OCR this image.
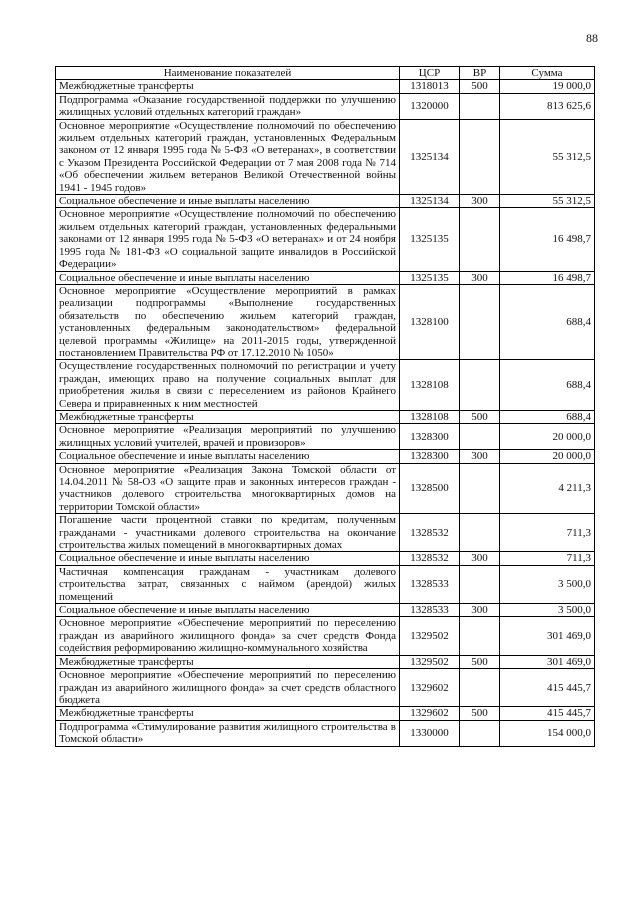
88
Наименование показателей	ЦСР	ВР	Сумма
Межбюджетные трансферты	1318013	500	19 000,0
Подпрограмма «Оказание государственной поддержки по улучшению жилищных условий отдельных категорий граждан»	1320000		813 625,6
Основное мероприятие «Осуществление полномочий по обеспечению жильем отдельных категорий граждан, установленных Федеральным законом от 12 января 1995 года № 5-ФЗ «О ветеранах», в соответствии с Указом Президента Российской Федерации от 7 мая 2008 года № 714 «Об обеспечении жильем ветеранов Великой Отечественной войны 1941 - 1945 годов»	1325134		55 312,5
Социальное обеспечение и иные выплаты населению	1325134	300	55 312,5
Основное мероприятие «Осуществление полномочий по обеспечению жильем отдельных категорий граждан, установленных федеральными законами от 12 января 1995 года № 5-ФЗ «О ветеранах» и от 24 ноября 1995 года № 181-ФЗ «О социальной защите инвалидов в Российской Федерации»	1325135		16 498,7
Социальное обеспечение и иные выплаты населению	1325135	300	16 498,7
Основное мероприятие «Осуществление мероприятий в рамках реализации подпрограммы «Выполнение государственных обязательств по обеспечению жильем категорий граждан, установленных федеральным законодательством» федеральной целевой программы «Жилище» на 2011-2015 годы, утвержденной постановлением Правительства РФ от 17.12.2010 № 1050»	1328100		688,4
Осуществление государственных полномочий по регистрации и учету граждан, имеющих право на получение социальных выплат для приобретения жилья в связи с переселением из районов Крайнего Севера и приравненных к ним местностей	1328108		688,4
Межбюджетные трансферты	1328108	500	688,4
Основное мероприятие «Реализация мероприятий по улучшению жилищных условий учителей, врачей и провизоров»	1328300		20 000,0
Социальное обеспечение и иные выплаты населению	1328300	300	20 000,0
Основное мероприятие «Реализация Закона Томской области от 14.04.2011 № 58-ОЗ «О защите прав и законных интересов граждан - участников долевого строительства многоквартирных домов на территории Томской области»	1328500		4 211,3
Погашение части процентной ставки по кредитам, полученным гражданами - участниками долевого строительства на окончание строительства жилых помещений в многоквартирных домах	1328532		711,3
Социальное обеспечение и иные выплаты населению	1328532	300	711,3
Частичная компенсация гражданам - участникам долевого строительства затрат, связанных с наймом (арендой) жилых помещений	1328533		3 500,0
Социальное обеспечение и иные выплаты населению	1328533	300	3 500,0
Основное мероприятие «Обеспечение мероприятий по переселению граждан из аварийного жилищного фонда» за счет средств Фонда содействия реформированию жилищно-коммунального хозяйства	1329502		301 469,0
Межбюджетные трансферты	1329502	500	301 469,0
Основное мероприятие «Обеспечение мероприятий по переселению граждан из аварийного жилищного фонда» за счет средств областного бюджета	1329602		415 445,7
Межбюджетные трансферты	1329602	500	415 445,7
Подпрограмма «Стимулирование развития жилищного строительства в Томской области»	1330000		154 000,0
